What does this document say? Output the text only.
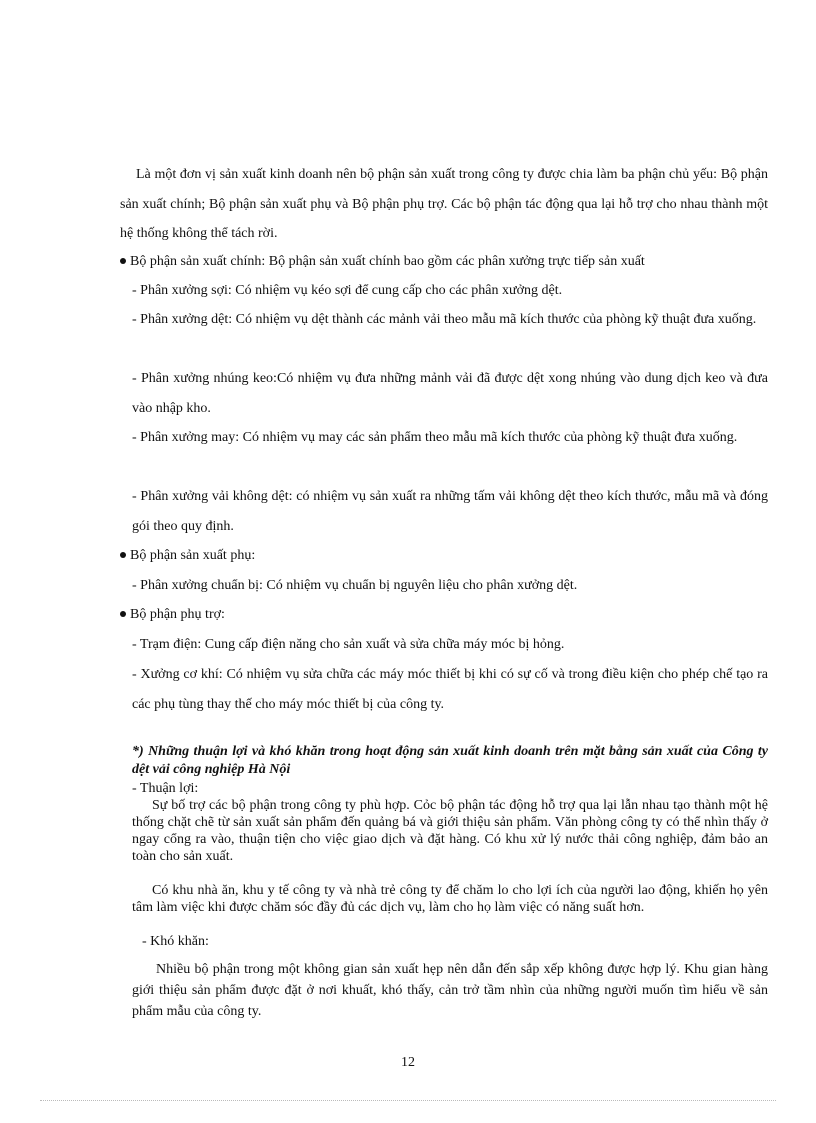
Là một đơn vị sản xuất kinh doanh nên bộ phận sản xuất trong công ty được chia làm ba phận chủ yếu: Bộ phận sản xuất chính; Bộ phận sản xuất phụ và Bộ phận phụ trợ. Các bộ phận tác động qua lại hỗ trợ cho nhau thành một hệ thống không thể tách rời.
Bộ phận sản xuất chính: Bộ phận sản xuất chính bao gồm các phân xưởng trực tiếp sản xuất
- Phân xưởng sợi: Có nhiệm vụ kéo sợi để cung cấp cho các phân xưởng dệt.
- Phân xưởng dệt: Có nhiệm vụ dệt thành các mảnh vải theo mẫu mã kích thước của phòng kỹ thuật đưa xuống.
- Phân xưởng nhúng keo:Có nhiệm vụ đưa những mảnh vải đã được dệt xong nhúng vào dung dịch keo và đưa vào nhập kho.
- Phân xưởng may: Có nhiệm vụ may các sản phẩm theo mẫu mã kích thước của phòng kỹ thuật đưa xuống.
- Phân xưởng vải không dệt: có nhiệm vụ sản xuất ra những tấm vải không dệt theo kích thước, mẫu mã và đóng gói theo quy định.
Bộ phận sản xuất phụ:
- Phân xưởng chuẩn bị: Có nhiệm vụ chuẩn bị nguyên liệu cho phân xưởng dệt.
Bộ phận phụ trợ:
- Trạm điện: Cung cấp điện năng cho sản xuất và sửa chữa máy móc bị hỏng.
- Xưởng cơ khí: Có nhiệm vụ sửa chữa các máy móc thiết bị khi có sự cố và trong điều kiện cho phép chế tạo ra các phụ tùng thay thế cho máy móc thiết bị của công ty.
*) Những thuận lợi và khó khăn trong hoạt động sản xuất kinh doanh trên mặt bằng sản xuất của Công ty dệt vải công nghiệp Hà Nội
- Thuận lợi:
Sự bố trợ các bộ phận trong công ty phù hợp. Cỏc bộ phận tác động hỗ trợ qua lại lẫn nhau tạo thành một hệ thống chặt chẽ từ sản xuất sản phẩm đến quảng bá và giới thiệu sản phẩm. Văn phòng công ty có thể nhìn thấy ở ngay cổng ra vào, thuận tiện cho việc giao dịch và đặt hàng. Có khu xử lý nước thải công nghiệp, đảm bảo an toàn cho sản xuất.
Có khu nhà ăn, khu y tế công ty và nhà trẻ công ty để chăm lo cho lợi ích của người lao động, khiến họ yên tâm làm việc khi được chăm sóc đầy đủ các dịch vụ, làm cho họ làm việc có năng suất hơn.
- Khó khăn:
Nhiều bộ phận trong một không gian sản xuất hẹp nên dẫn đến sắp xếp không được hợp lý. Khu gian hàng giới thiệu sản phẩm được đặt ở nơi khuất, khó thấy, cản trở tầm nhìn của những người muốn tìm hiểu về sản phẩm mẫu của công ty.
12
